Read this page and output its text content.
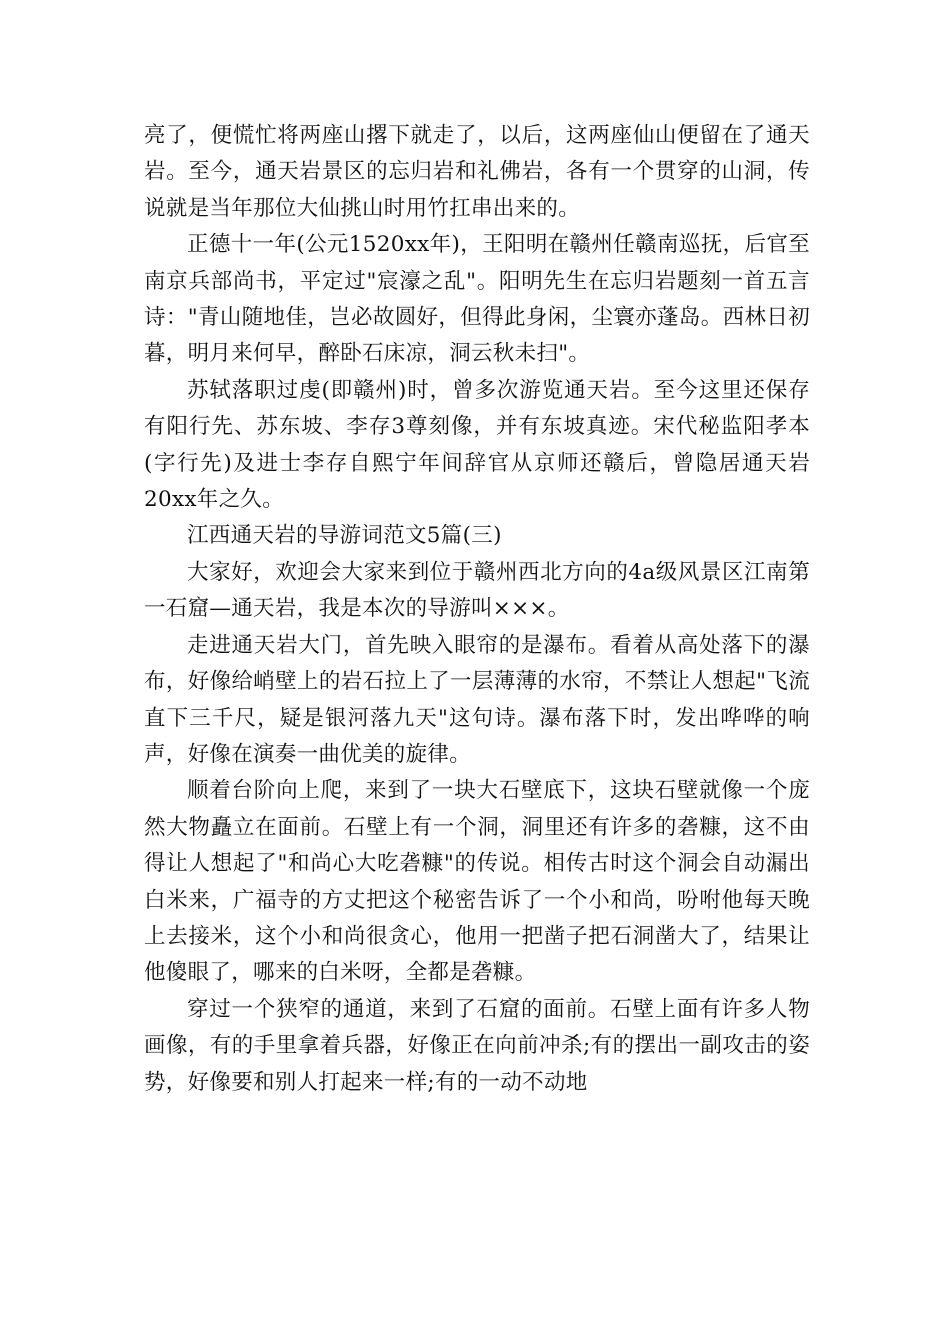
亮了，便慌忙将两座山撂下就走了，以后，这两座仙山便留在了通天岩。至今，通天岩景区的忘归岩和礼佛岩，各有一个贯穿的山洞，传说就是当年那位大仙挑山时用竹扛串出来的。

正德十一年(公元1520xx年)，王阳明在赣州任赣南巡抚，后官至南京兵部尚书，平定过"宸濠之乱"。阳明先生在忘归岩题刻一首五言诗："青山随地佳，岂必故圆好，但得此身闲，尘寰亦蓬岛。西林日初暮，明月来何早，醉卧石床凉，洞云秋未扫"。

苏轼落职过虔(即赣州)时，曾多次游览通天岩。至今这里还保存有阳行先、苏东坡、李存3尊刻像，并有东坡真迹。宋代秘监阳孝本(字行先)及进士李存自熙宁年间辞官从京师还赣后，曾隐居通天岩20xx年之久。

江西通天岩的导游词范文5篇(三)

大家好，欢迎会大家来到位于赣州西北方向的4a级风景区江南第一石窟—通天岩，我是本次的导游叫×××。

走进通天岩大门，首先映入眼帘的是瀑布。看着从高处落下的瀑布，好像给峭壁上的岩石拉上了一层薄薄的水帘，不禁让人想起"飞流直下三千尺，疑是银河落九天"这句诗。瀑布落下时，发出哗哗的响声，好像在演奏一曲优美的旋律。

顺着台阶向上爬，来到了一块大石壁底下，这块石壁就像一个庞然大物矗立在面前。石壁上有一个洞，洞里还有许多的砻糠，这不由得让人想起了"和尚心大吃砻糠"的传说。相传古时这个洞会自动漏出白米来，广福寺的方丈把这个秘密告诉了一个小和尚，吩咐他每天晚上去接米，这个小和尚很贪心，他用一把凿子把石洞凿大了，结果让他傻眼了，哪来的白米呀，全都是砻糠。

穿过一个狭窄的通道，来到了石窟的面前。石壁上面有许多人物画像，有的手里拿着兵器，好像正在向前冲杀;有的摆出一副攻击的姿势，好像要和别人打起来一样;有的一动不动地
